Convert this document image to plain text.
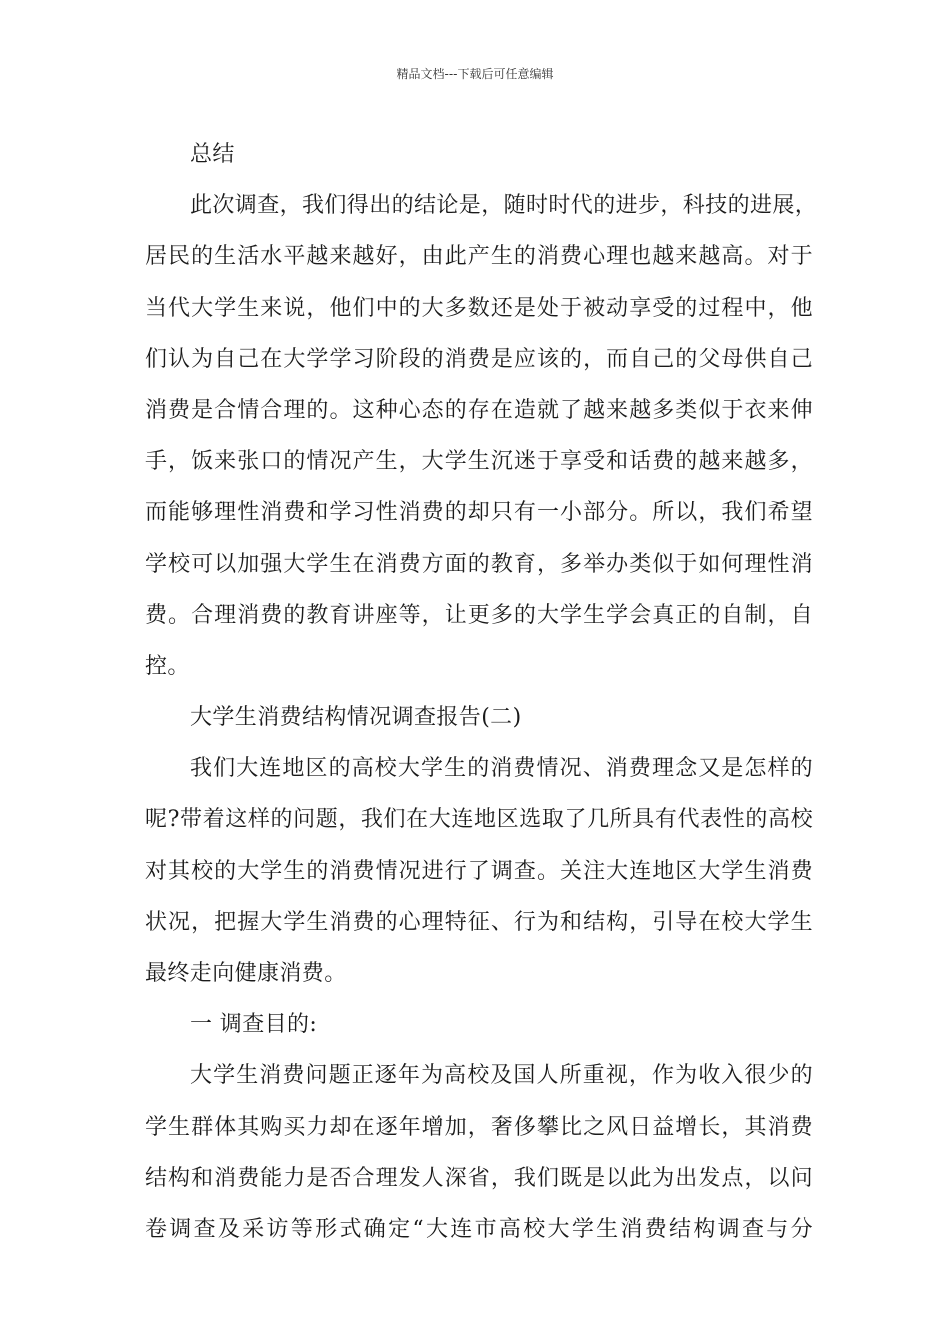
精品文档---下载后可任意编辑
总结
此次调查，我们得出的结论是，随时时代的进步，科技的进展，
居民的生活水平越来越好，由此产生的消费心理也越来越高。对于
当代大学生来说，他们中的大多数还是处于被动享受的过程中，他
们认为自己在大学学习阶段的消费是应该的，而自己的父母供自己
消费是合情合理的。这种心态的存在造就了越来越多类似于衣来伸
手，饭来张口的情况产生，大学生沉迷于享受和话费的越来越多，
而能够理性消费和学习性消费的却只有一小部分。所以，我们希望
学校可以加强大学生在消费方面的教育，多举办类似于如何理性消
费。合理消费的教育讲座等，让更多的大学生学会真正的自制，自
控。
大学生消费结构情况调查报告(二)
我们大连地区的高校大学生的消费情况、消费理念又是怎样的
呢?带着这样的问题，我们在大连地区选取了几所具有代表性的高校
对其校的大学生的消费情况进行了调查。关注大连地区大学生消费
状况，把握大学生消费的心理特征、行为和结构，引导在校大学生
最终走向健康消费。
一 调查目的:
大学生消费问题正逐年为高校及国人所重视，作为收入很少的
学生群体其购买力却在逐年增加，奢侈攀比之风日益增长，其消费
结构和消费能力是否合理发人深省，我们既是以此为出发点，以问
卷调查及采访等形式确定“大连市高校大学生消费结构调查与分
